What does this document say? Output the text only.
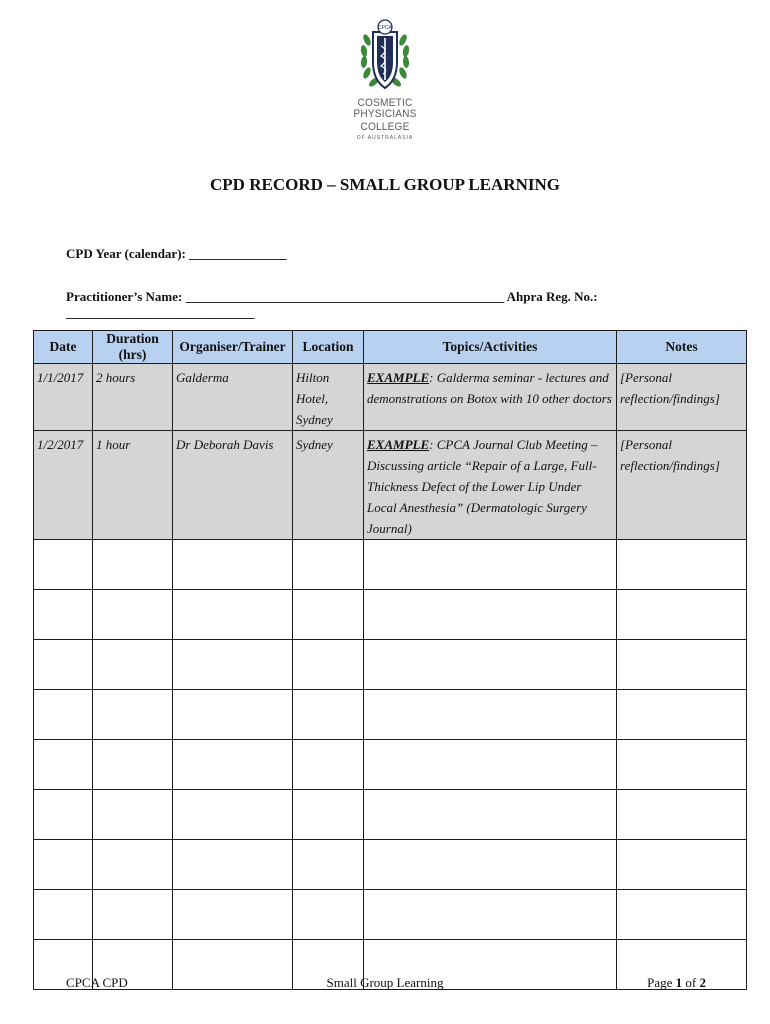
CPCA
COSMETIC PHYSICIANS
COLLEGE
OF AUSTRALASIA
CPD RECORD – SMALL GROUP LEARNING
CPD Year (calendar): _______________
Practitioner’s Name: _________________________________________________ Ahpra Reg. No.: _____________________________
Date	Duration (hrs)	Organiser/Trainer	Location	Topics/Activities	Notes
1/1/2017	2 hours	Galderma	Hilton Hotel, Sydney	EXAMPLE: Galderma seminar - lectures and demonstrations on Botox with 10 other doctors	[Personal reflection/findings]
1/2/2017	1 hour	Dr Deborah Davis	Sydney	EXAMPLE: CPCA Journal Club Meeting – Discussing article “Repair of a Large, Full-Thickness Defect of the Lower Lip Under Local Anesthesia” (Dermatologic Surgery Journal)	[Personal reflection/findings]

CPCA CPD	Small Group Learning	Page 1 of 2
